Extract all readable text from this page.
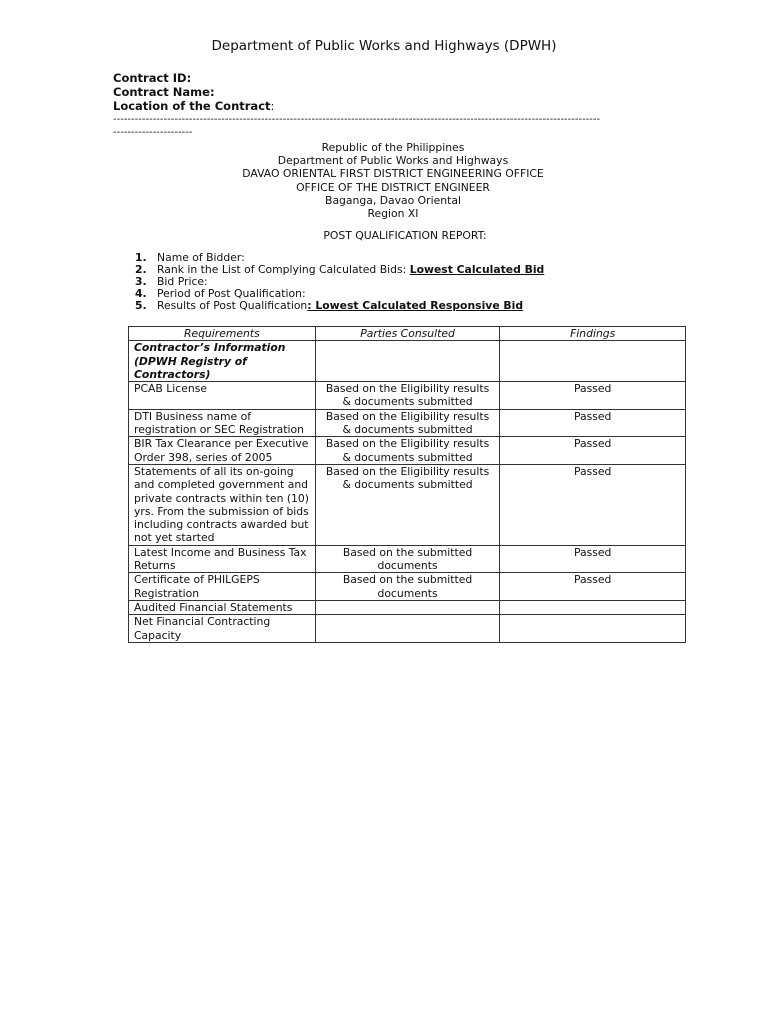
Department of Public Works and Highways (DPWH)
Contract ID:
Contract Name:
Location of the Contract:
---------------------------------------------------------------------------------------------------------------------------------------
----------------------
Republic of the Philippines
Department of Public Works and Highways
DAVAO ORIENTAL FIRST DISTRICT ENGINEERING OFFICE
OFFICE OF THE DISTRICT ENGINEER
Baganga, Davao Oriental
Region XI
POST QUALIFICATION REPORT:
1. Name of Bidder:
2. Rank in the List of Complying Calculated Bids: Lowest Calculated Bid
3. Bid Price:
4. Period of Post Qualification:
5. Results of Post Qualification: Lowest Calculated Responsive Bid
Requirements	Parties Consulted	Findings
Contractor’s Information (DPWH Registry of Contractors)		
PCAB License	Based on the Eligibility results & documents submitted	Passed
DTI Business name of registration or SEC Registration	Based on the Eligibility results & documents submitted	Passed
BIR Tax Clearance per Executive Order 398, series of 2005	Based on the Eligibility results & documents submitted	Passed
Statements of all its on-going and completed government and private contracts within ten (10) yrs. From the submission of bids including contracts awarded but not yet started	Based on the Eligibility results & documents submitted	Passed
Latest Income and Business Tax Returns	Based on the submitted documents	Passed
Certificate of PHILGEPS Registration	Based on the submitted documents	Passed
Audited Financial Statements		
Net Financial Contracting Capacity		
